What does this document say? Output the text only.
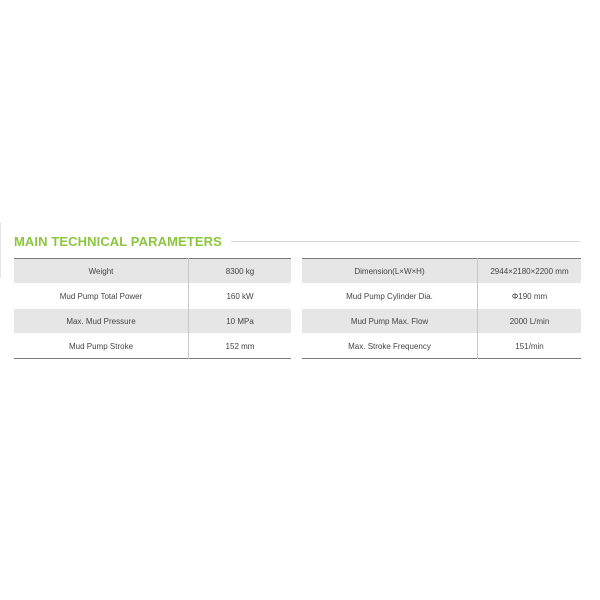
MAIN TECHNICAL PARAMETERS
Weight	8300 kg
Mud Pump Total Power	160 kW
Max. Mud Pressure	10 MPa
Mud Pump Stroke	152 mm
Dimension(L×W×H)	2944×2180×2200 mm
Mud Pump Cylinder Dia.	Φ190 mm
Mud Pump Max. Flow	2000 L/min
Max. Stroke Frequency	151/min
